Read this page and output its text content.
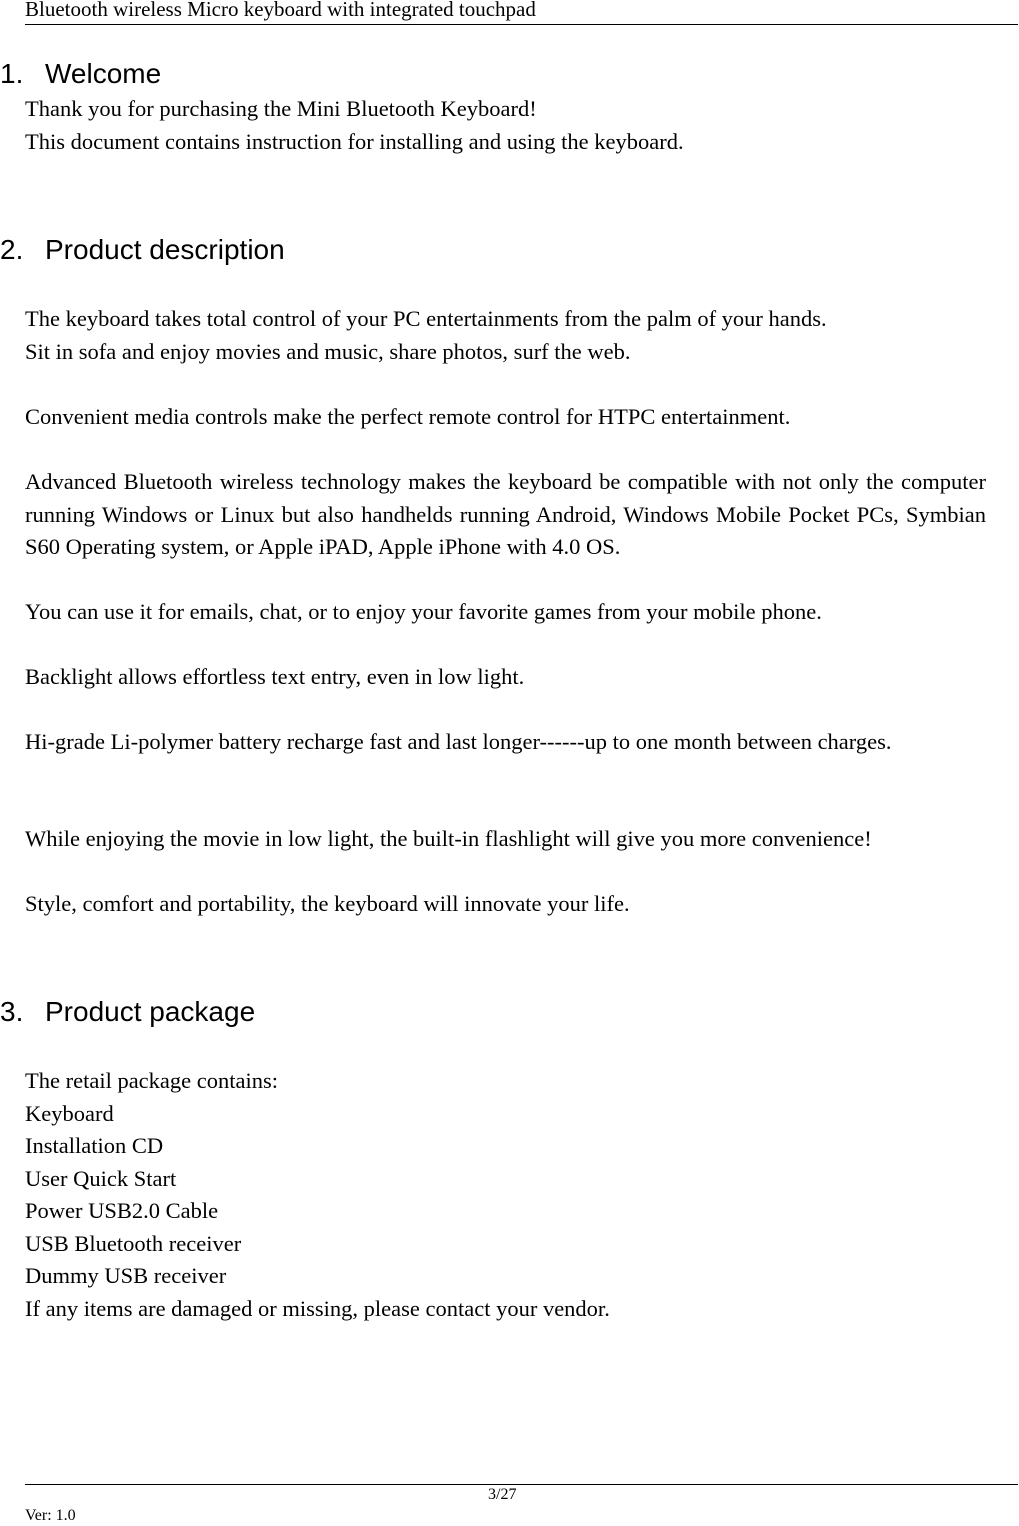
Bluetooth wireless Micro keyboard with integrated touchpad
1. Welcome
Thank you for purchasing the Mini Bluetooth Keyboard!
This document contains instruction for installing and using the keyboard.
2. Product description
The keyboard takes total control of your PC entertainments from the palm of your hands.
Sit in sofa and enjoy movies and music, share photos, surf the web.
Convenient media controls make the perfect remote control for HTPC entertainment.
Advanced Bluetooth wireless technology makes the keyboard be compatible with not only the computer running Windows or Linux but also handhelds running Android, Windows Mobile Pocket PCs, Symbian S60 Operating system, or Apple iPAD, Apple iPhone with 4.0 OS.
You can use it for emails, chat, or to enjoy your favorite games from your mobile phone.
Backlight allows effortless text entry, even in low light.
Hi-grade Li-polymer battery recharge fast and last longer------up to one month between charges.
While enjoying the movie in low light, the built-in flashlight will give you more convenience!
Style, comfort and portability, the keyboard will innovate your life.
3. Product package
The retail package contains:
Keyboard
Installation CD
User Quick Start
Power USB2.0 Cable
USB Bluetooth receiver
Dummy USB receiver
If any items are damaged or missing, please contact your vendor.
3/27
Ver: 1.0
